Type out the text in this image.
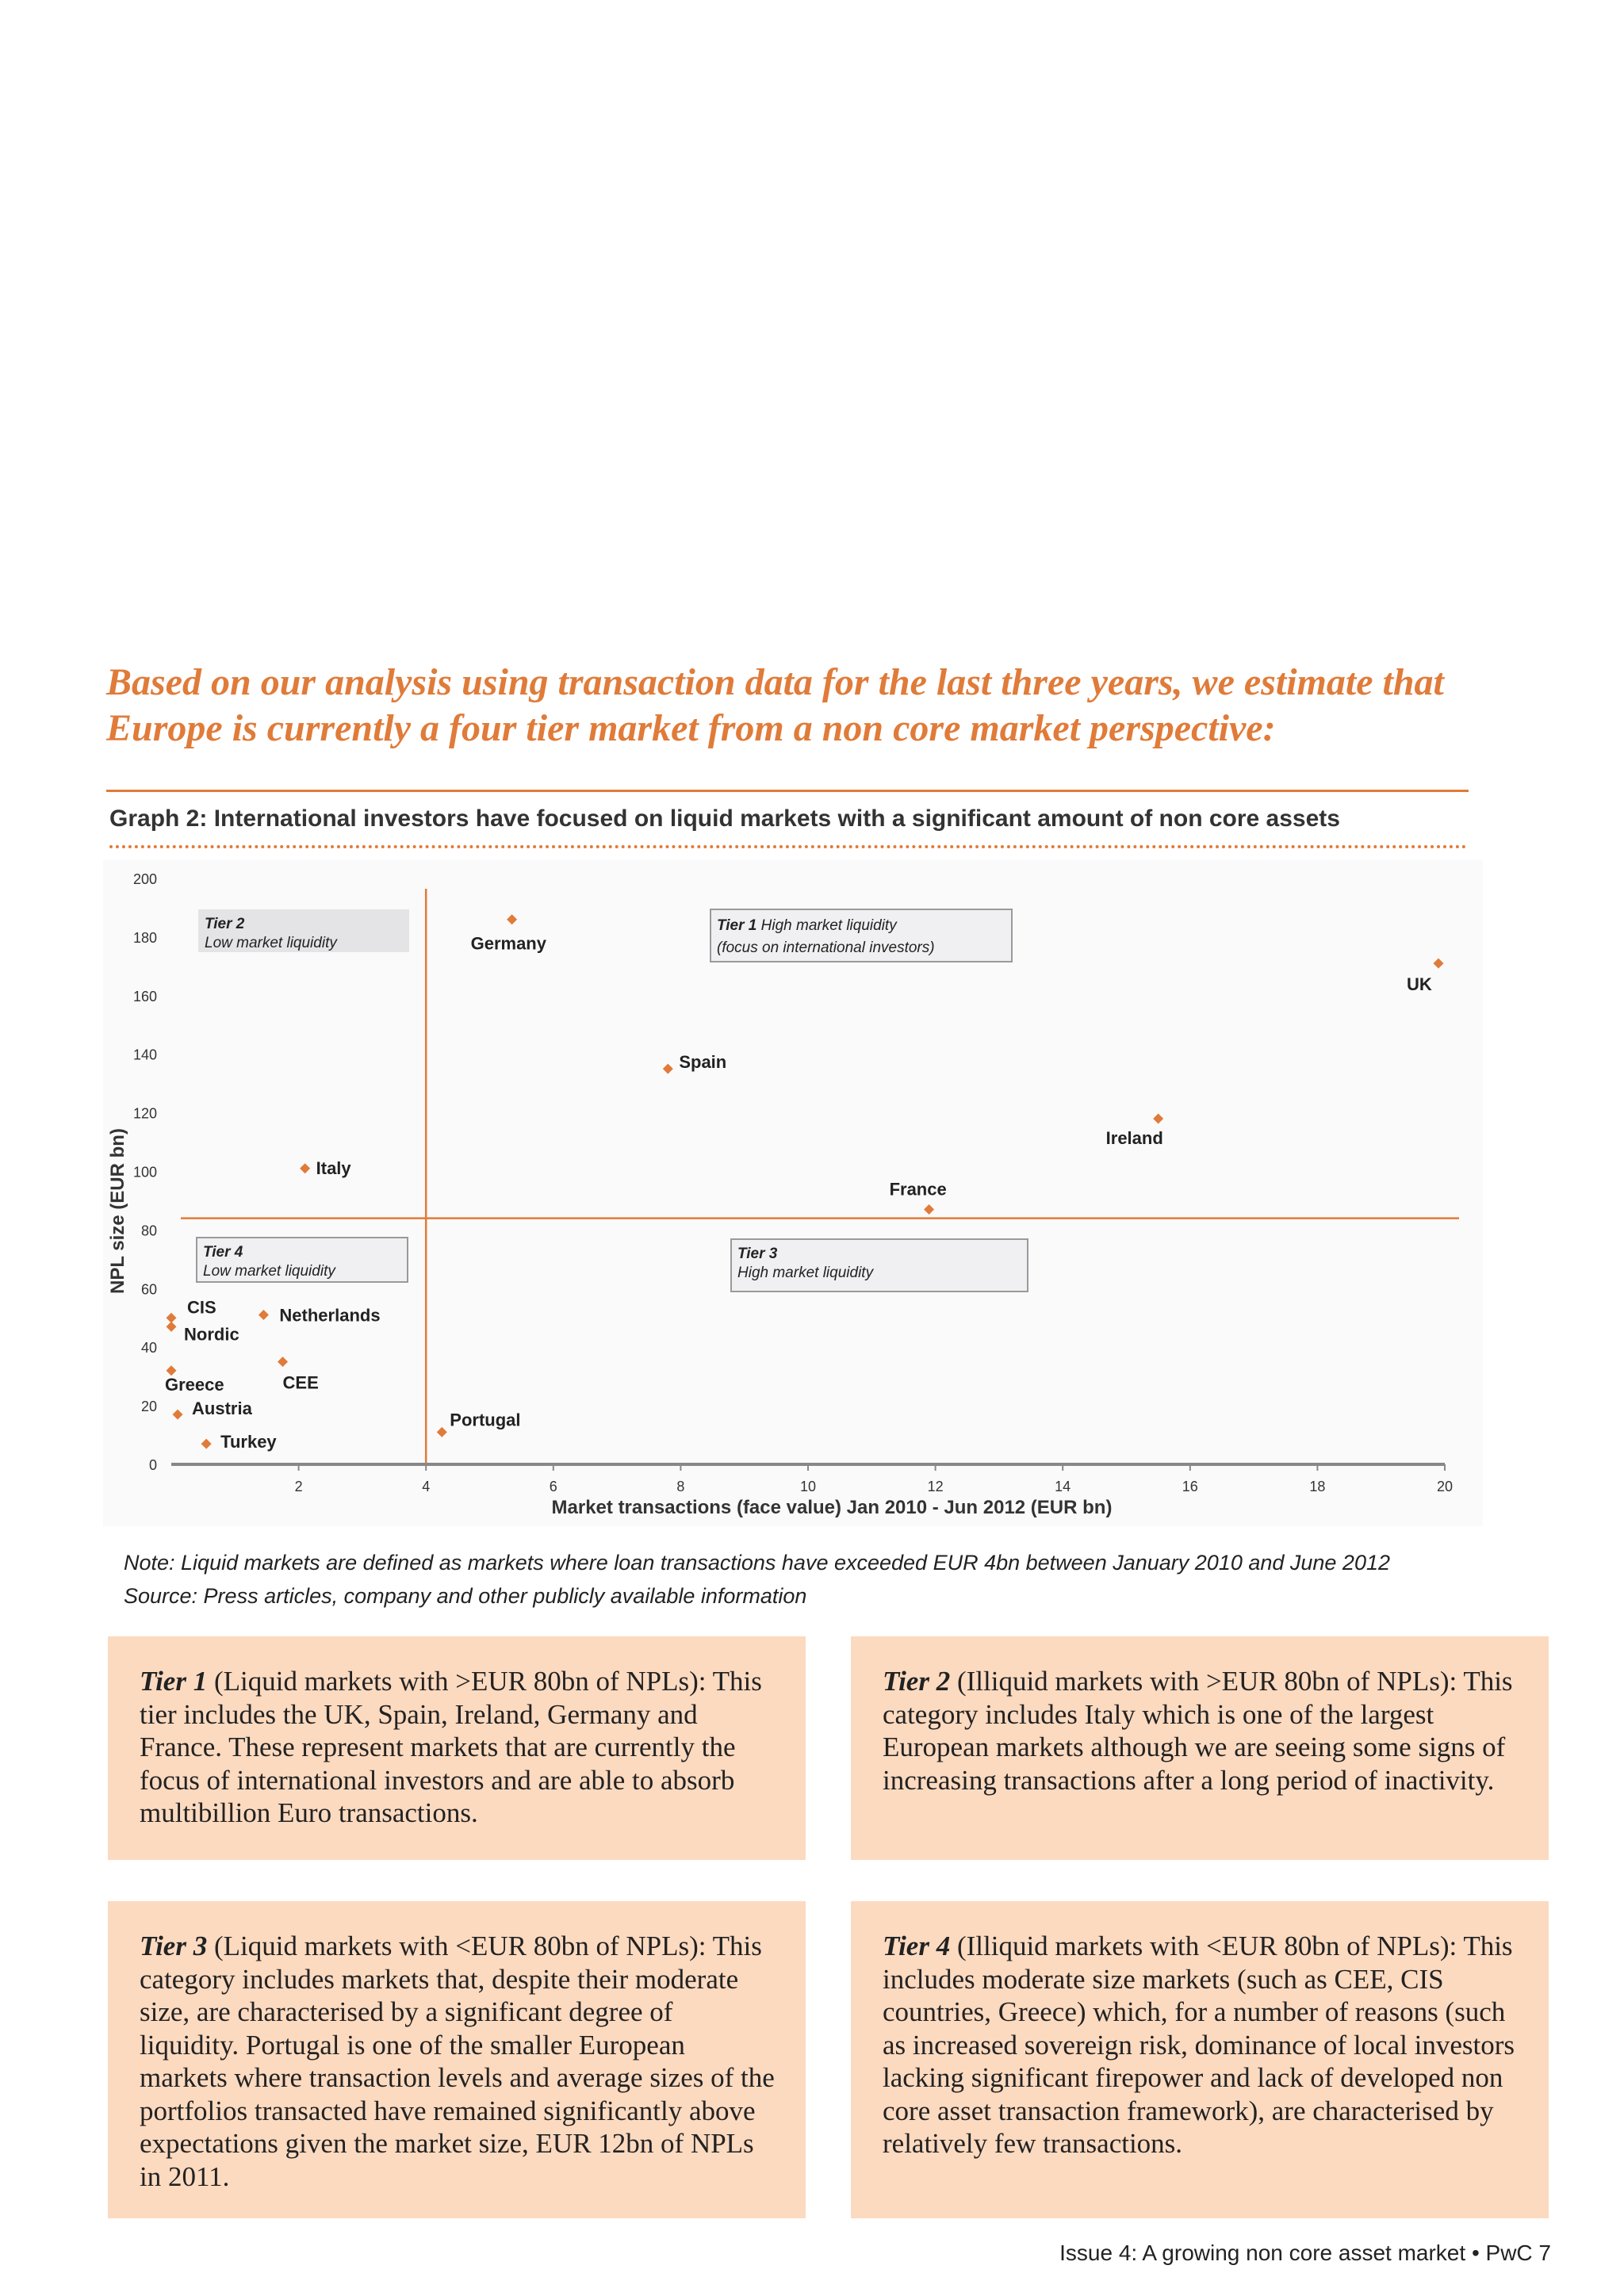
Based on our analysis using transaction data for the last three years, we estimate that Europe is currently a four tier market from a non core market perspective:

Graph 2: International investors have focused on liquid markets with a significant amount of non core assets

2	4	6	8	10	12	14	16	18	20
0
20
40
60
80
100
120
140
160
180
200
Market transactions (face value) Jan 2010 - Jun 2012 (EUR bn)
NPL size (EUR bn)
Tier 2
Low market liquidity
Tier 1 High market liquidity
(focus on international investors)
Tier 4
Low market liquidity
Tier 3
High market liquidity
Germany
UK
Spain
Ireland
Italy
France
CIS
Nordic
Netherlands
CEE
Greece
Austria
Portugal
Turkey

Note: Liquid markets are defined as markets where loan transactions have exceeded EUR 4bn between January 2010 and June 2012

Source: Press articles, company and other publicly available information

Tier 1 (Liquid markets with >EUR 80bn of NPLs): This tier includes the UK, Spain, Ireland, Germany and France. These represent markets that are currently the focus of international investors and are able to absorb multibillion Euro transactions.
Tier 2 (Illiquid markets with >EUR 80bn of NPLs): This category includes Italy which is one of the largest European markets although we are seeing some signs of increasing transactions after a long period of inactivity.
Tier 3 (Liquid markets with <EUR 80bn of NPLs): This category includes markets that, despite their moderate size, are characterised by a significant degree of liquidity. Portugal is one of the smaller European markets where transaction levels and average sizes of the portfolios transacted have remained significantly above expectations given the market size, EUR 12bn of NPLs in 2011.
Tier 4 (Illiquid markets with <EUR 80bn of NPLs): This includes moderate size markets (such as CEE, CIS countries, Greece) which, for a number of reasons (such as increased sovereign risk, dominance of local investors lacking significant firepower and lack of developed non core asset transaction framework), are characterised by relatively few transactions.

Issue 4: A growing non core asset market • PwC 7
